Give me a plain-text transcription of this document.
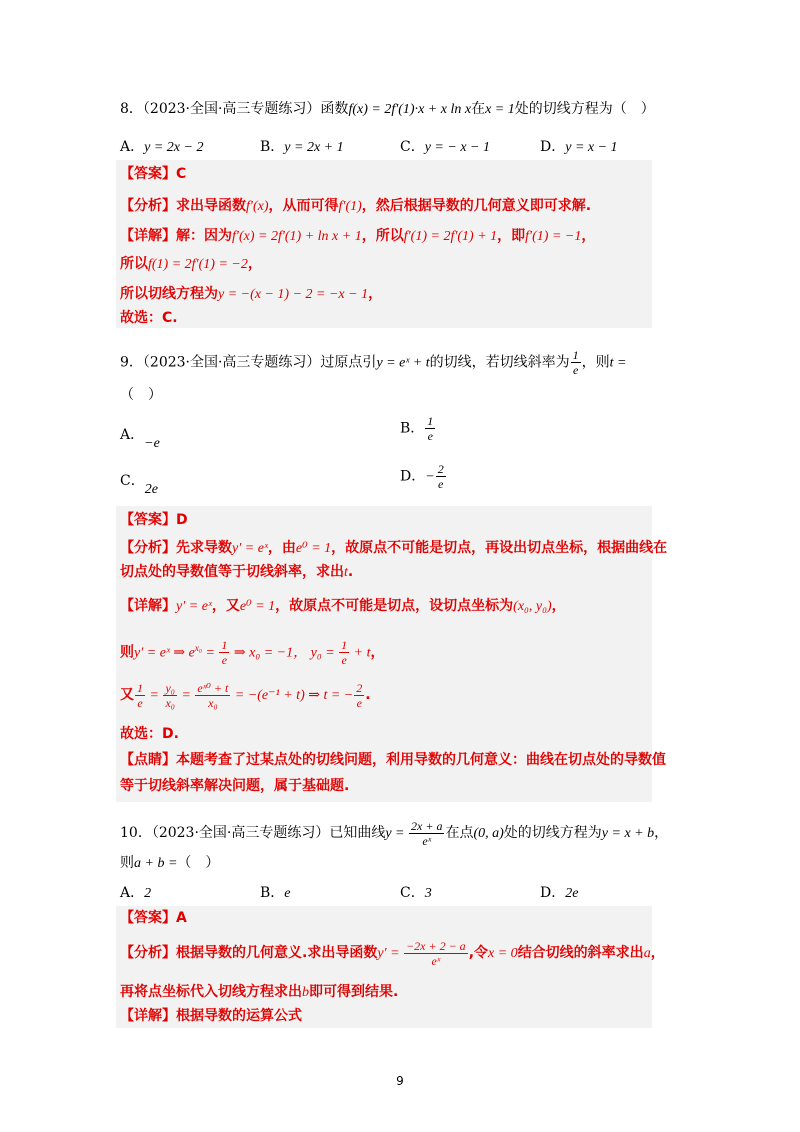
8．（2023·全国·高三专题练习）函数f(x) = 2f′(1)·x + x ln x在x = 1处的切线方程为（　）
A．y = 2x − 2	B．y = 2x + 1	C．y = − x − 1	D．y = x − 1
【答案】C
【分析】求出导函数f′(x)，从而可得f′(1)，然后根据导数的几何意义即可求解.
【详解】解：因为f′(x) = 2f′(1) + ln x + 1，所以f′(1) = 2f′(1) + 1，即f′(1) = −1，
所以f(1) = 2f′(1) = −2，
所以切线方程为y = −(x − 1) − 2 = −x − 1，
故选：C.
9．（2023·全国·高三专题练习）过原点引y = eˣ + t的切线，若切线斜率为 $\frac{1}{e}$ ，则t =
（　）
A．−e
B． $\frac{1}{e}$
C．2e
D．− $\frac{2}{e}$
【答案】D
【分析】先求导数y′ = eˣ，由e⁰ = 1，故原点不可能是切点，再设出切点坐标，根据曲线在
切点处的导数值等于切线斜率，求出t.
【详解】y′ = eˣ，又e⁰ = 1，故原点不可能是切点，设切点坐标为(x₀, y₀)，
则y′ = eˣ ⇒ $e^{x_0} = \frac{1}{e}$ ⇒ x₀ = −1， $y_0 = \frac{1}{e} + t$，
又 $\frac{1}{e} = \frac{\text{y₀}}{\text{x₀}} = \frac{\text{eˣ⁰ + t}}{\text{x₀}} = -(e^{-1} + t)$ ⇒ t = − $\frac{2}{e}$ .
故选：D.
【点睛】本题考查了过某点处的切线问题，利用导数的几何意义：曲线在切点处的导数值
等于切线斜率解决问题，属于基础题.
10．（2023·全国·高三专题练习）已知曲线$y = \frac{2x + a}{\text{eˣ}}$ 在点(0, a)处的切线方程为y = x + b，
则a + b =（　）
A．2	B．e	C．3	D．2e
【答案】A
【分析】根据导数的几何意义.求出导函数$y' = \frac{-2x + 2 - a}{\text{eˣ}}$ ,令x = 0结合切线的斜率求出a，
再将点坐标代入切线方程求出b即可得到结果.
【详解】根据导数的运算公式
9
